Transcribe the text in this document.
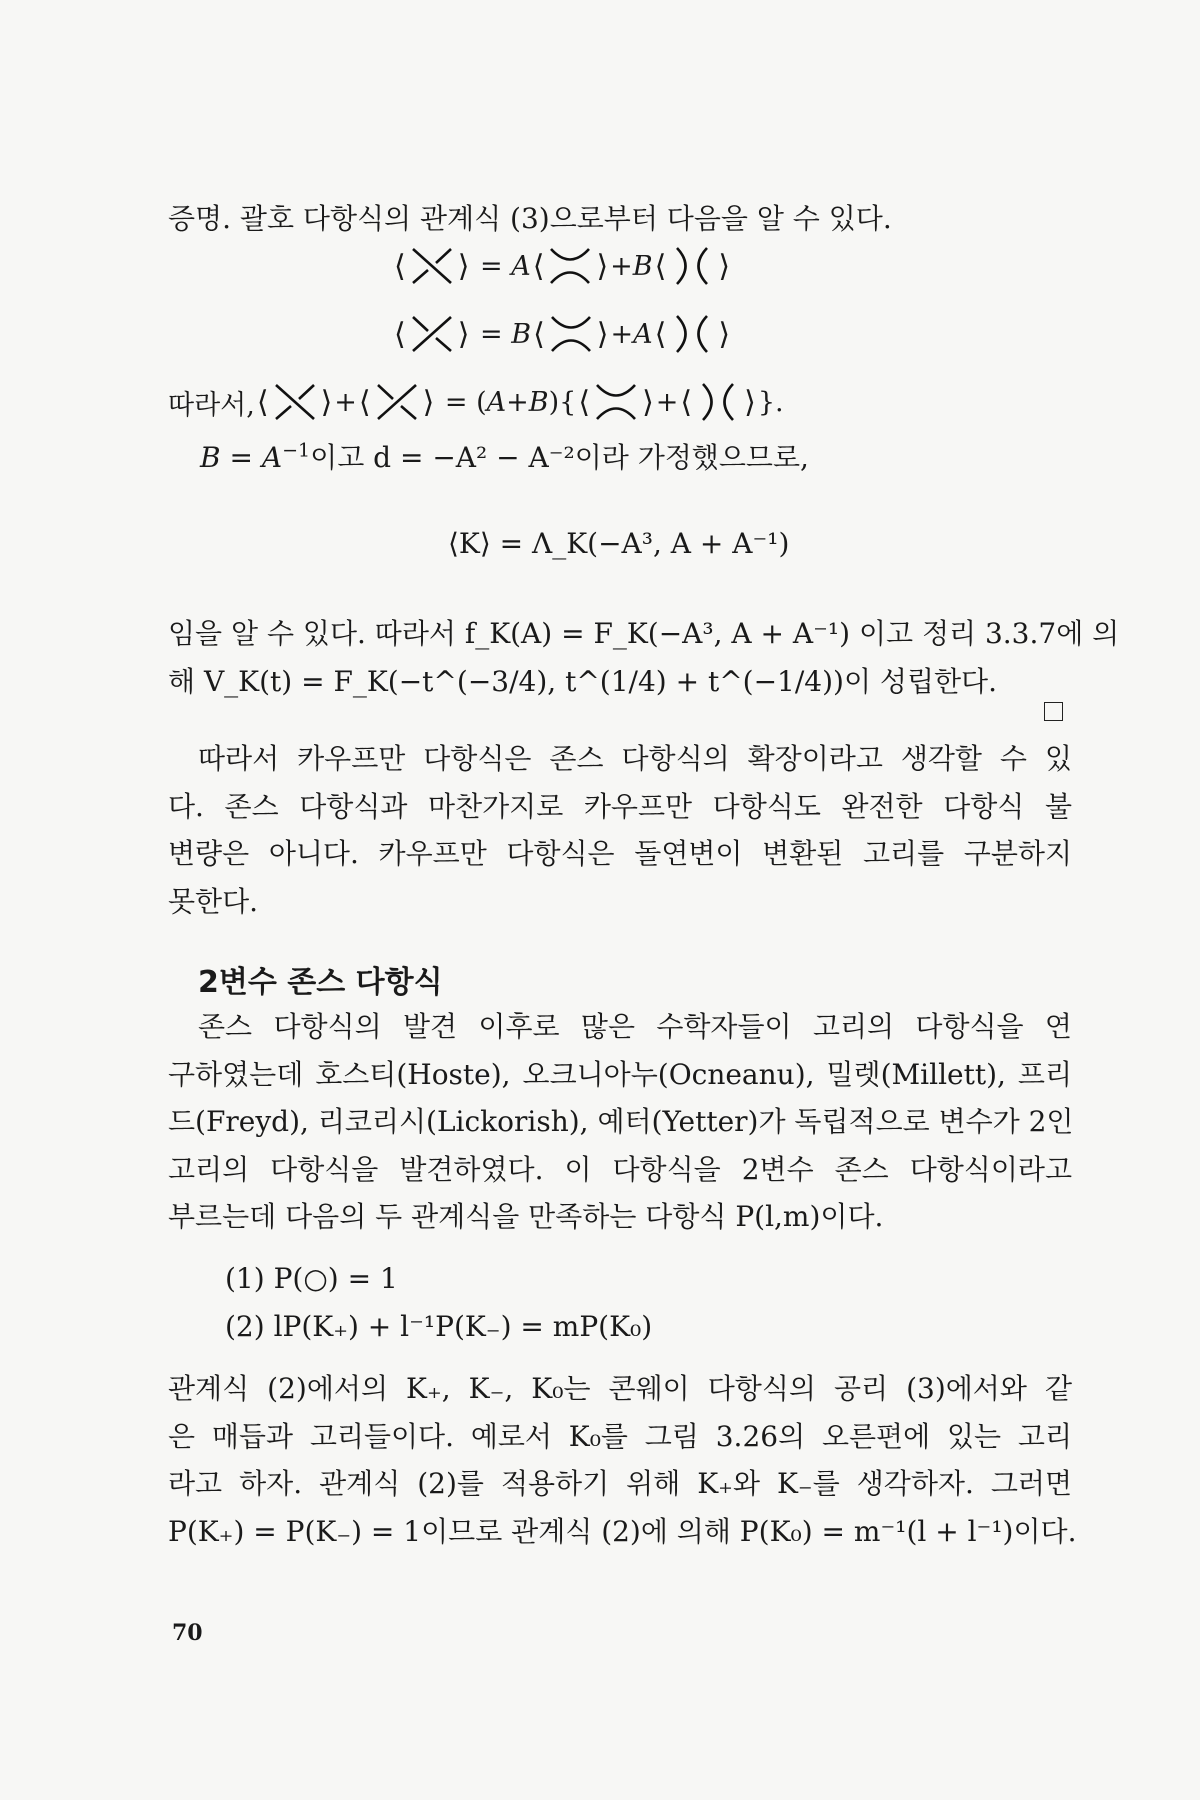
증명. 괄호 다항식의 관계식 (3)으로부터 다음을 알 수 있다.
⟨ ⟩ = A ⟨ ⟩ +B ⟨ ⟩
⟨ ⟩ = B ⟨ ⟩ +A ⟨ ⟩
따라서, ⟨ ⟩ + ⟨ ⟩ = (A+B){ ⟨ ⟩ + ⟨ ⟩ }.
$B = A^{-1}$이고 d = −A² − A⁻²이라 가정했으므로,
⟨K⟩ = Λ_K(−A³, A + A⁻¹)
임을 알 수 있다. 따라서 f_K(A) = F_K(−A³, A + A⁻¹) 이고 정리 3.3.7에 의
해 V_K(t) = F_K(−t^(−3/4), t^(1/4) + t^(−1/4))이 성립한다.
따라서 카우프만 다항식은 존스 다항식의 확장이라고 생각할 수 있
다. 존스 다항식과 마찬가지로 카우프만 다항식도 완전한 다항식 불
변량은 아니다. 카우프만 다항식은 돌연변이 변환된 고리를 구분하지
못한다.
2변수 존스 다항식
존스 다항식의 발견 이후로 많은 수학자들이 고리의 다항식을 연
구하였는데 호스티(Hoste), 오크니아누(Ocneanu), 밀렛(Millett), 프리
드(Freyd), 리코리시(Lickorish), 예터(Yetter)가 독립적으로 변수가 2인
고리의 다항식을 발견하였다. 이 다항식을 2변수 존스 다항식이라고
부르는데 다음의 두 관계식을 만족하는 다항식 P(l,m)이다.
(1) P(○) = 1
(2) lP(K₊) + l⁻¹P(K₋) = mP(K₀)
관계식 (2)에서의 K₊, K₋, K₀는 콘웨이 다항식의 공리 (3)에서와 같
은 매듭과 고리들이다. 예로서 K₀를 그림 3.26의 오른편에 있는 고리
라고 하자. 관계식 (2)를 적용하기 위해 K₊와 K₋를 생각하자. 그러면
P(K₊) = P(K₋) = 1이므로 관계식 (2)에 의해 P(K₀) = m⁻¹(l + l⁻¹)이다.
70
